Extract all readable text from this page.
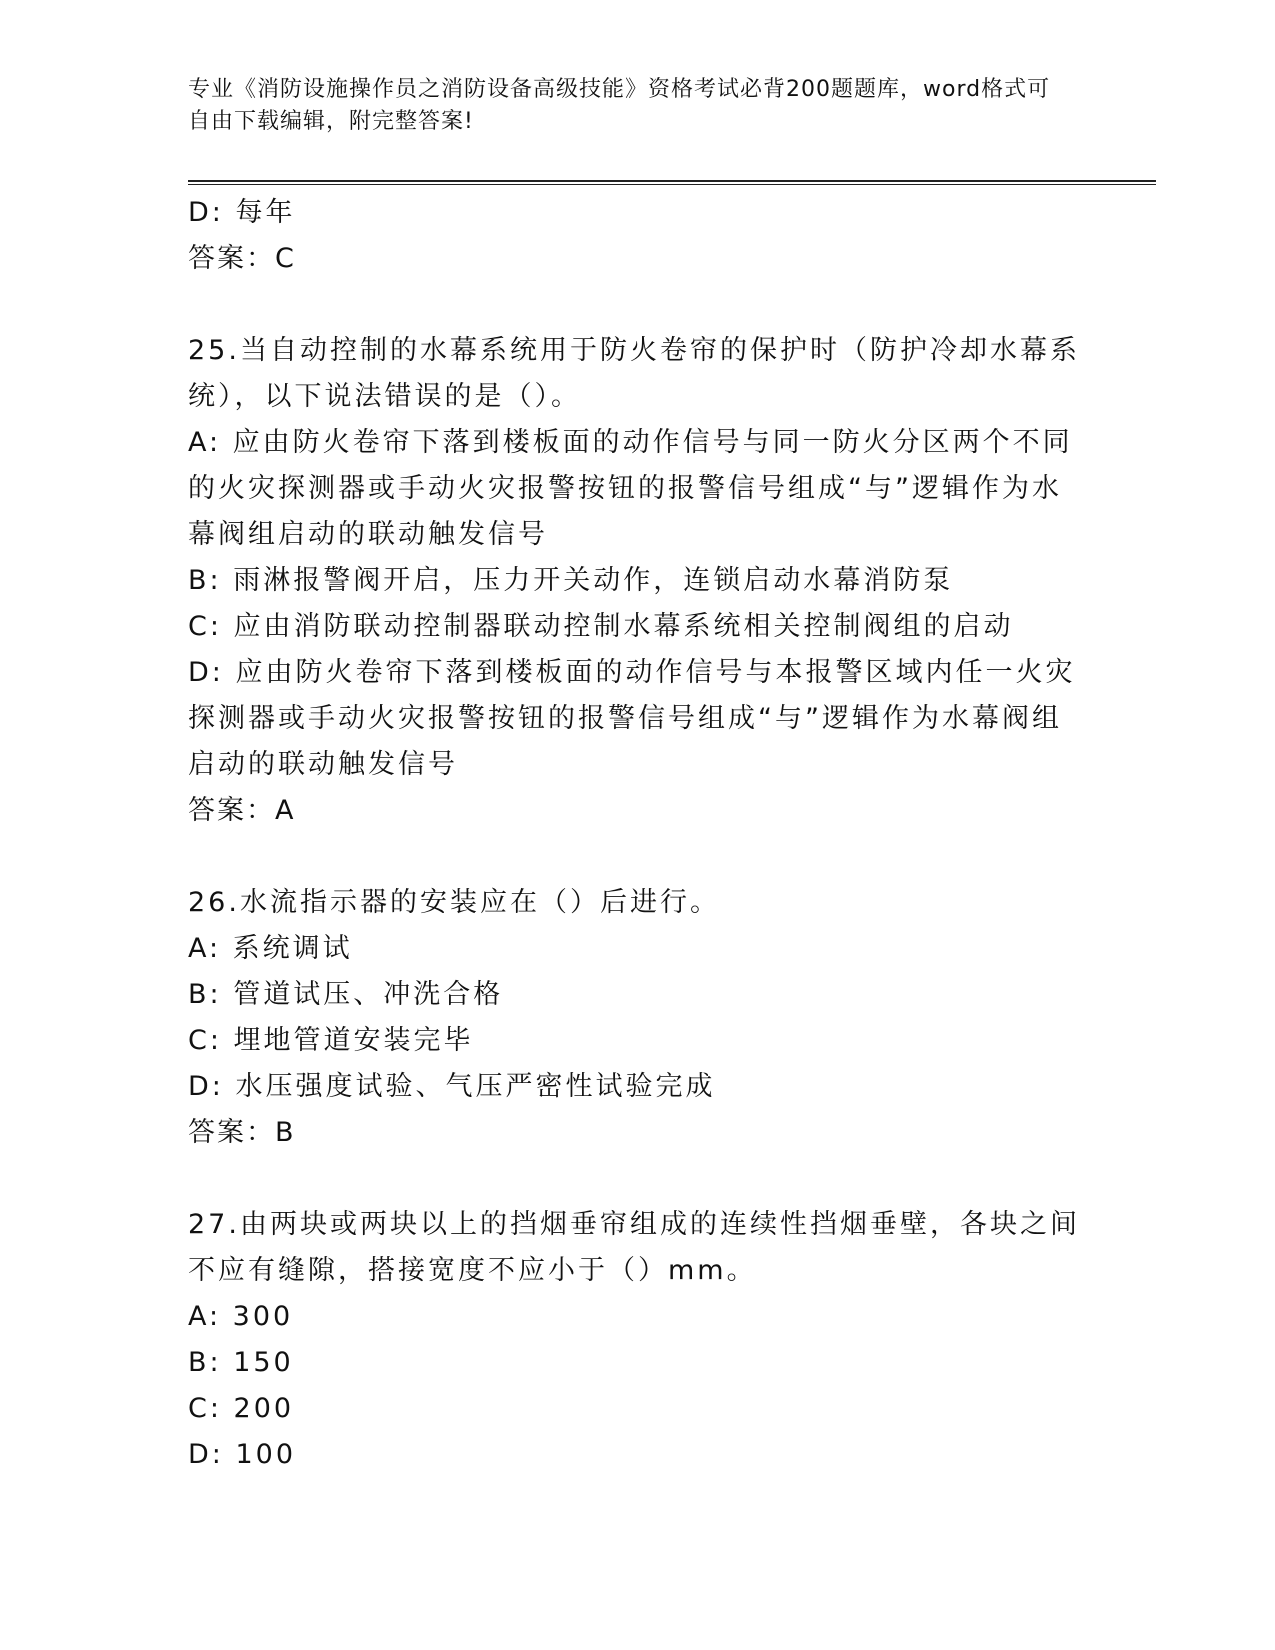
专业《消防设施操作员之消防设备高级技能》资格考试必背200题题库，word格式可自由下载编辑，附完整答案!

D: 每年

答案：C

25.当自动控制的水幕系统用于防火卷帘的保护时（防护冷却水幕系统），以下说法错误的是（）。

A: 应由防火卷帘下落到楼板面的动作信号与同一防火分区两个不同的火灾探测器或手动火灾报警按钮的报警信号组成“与”逻辑作为水幕阀组启动的联动触发信号

B: 雨淋报警阀开启，压力开关动作，连锁启动水幕消防泵

C: 应由消防联动控制器联动控制水幕系统相关控制阀组的启动

D: 应由防火卷帘下落到楼板面的动作信号与本报警区域内任一火灾探测器或手动火灾报警按钮的报警信号组成“与”逻辑作为水幕阀组启动的联动触发信号

答案：A

26.水流指示器的安装应在（）后进行。

A: 系统调试

B: 管道试压、冲洗合格

C: 埋地管道安装完毕

D: 水压强度试验、气压严密性试验完成

答案：B

27.由两块或两块以上的挡烟垂帘组成的连续性挡烟垂壁，各块之间不应有缝隙，搭接宽度不应小于（）mm。

A: 300

B: 150

C: 200

D: 100
